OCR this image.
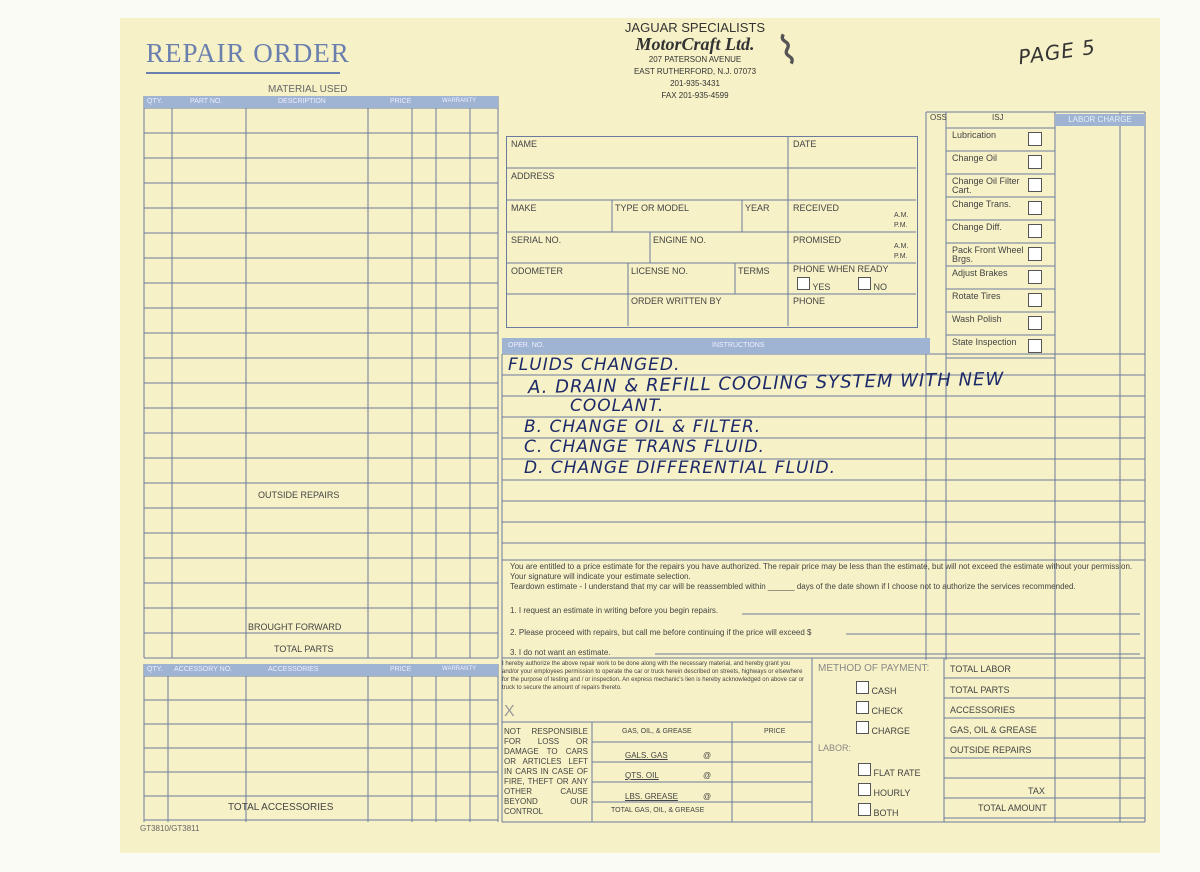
REPAIR ORDER
JAGUAR SPECIALISTS
MotorCraft Ltd.
207 PATERSON AVENUE
EAST RUTHERFORD, N.J. 07073
201-935-3431
FAX 201-935-4599
⌇	PAGE 5
MATERIAL USED
QTY.	PART NO.	DESCRIPTION	PRICE	WARRANTY
OUTSIDE REPAIRS
BROUGHT FORWARD
TOTAL PARTS
QTY. ACCESSORY NO.	ACCESSORIES	PRICE	WARRANTY
TOTAL ACCESSORIES
NAME	DATE
ADDRESS
MAKE	TYPE OR MODEL	YEAR	RECEIVED
A.M.
P.M.
SERIAL NO.	ENGINE NO.	PROMISED
A.M.
P.M.
ODOMETER	LICENSE NO.	TERMS	PHONE WHEN READY
YES	NO
ORDER WRITTEN BY	PHONE
OSS	ISJ	LABOR CHARGE
Lubrication
Change Oil
Change Oil Filter Cart.
Change Trans.
Change Diff.
Pack Front Wheel Brgs.
Adjust Brakes
Rotate Tires
Wash Polish
State Inspection
OPER. NO.	INSTRUCTIONS
FLUIDS CHANGED.
A. DRAIN & REFILL COOLING SYSTEM WITH NEW
COOLANT.
B. CHANGE OIL & FILTER.
C. CHANGE TRANS FLUID.
D. CHANGE DIFFERENTIAL FLUID.
You are entitled to a price estimate for the repairs you have authorized. The repair price may be less than the estimate, but will not exceed the estimate without your permission. Your signature will indicate your estimate selection.
Teardown estimate - I understand that my car will be reassembled within ______ days of the date shown if I choose not to authorize the services recommended.
1. I request an estimate in writing before you begin repairs.
2. Please proceed with repairs, but call me before continuing if the price will exceed $
3. I do not want an estimate.
I hereby authorize the above repair work to be done along with the necessary material, and hereby grant you and/or your employees permission to operate the car or truck herein described on streets, highways or elsewhere for the purpose of testing and / or inspection. An express mechanic's lien is hereby acknowledged on above car or truck to secure the amount of repairs thereto.
X
NOT RESPONSIBLE FOR LOSS OR DAMAGE TO CARS OR ARTICLES LEFT IN CARS IN CASE OF FIRE, THEFT OR ANY OTHER CAUSE BEYOND OUR CONTROL
GAS, OIL, & GREASE	PRICE
GALS. GAS	@
QTS. OIL	@
LBS. GREASE	@
TOTAL GAS, OIL, & GREASE
METHOD OF PAYMENT:
CASH
CHECK
CHARGE
LABOR:
FLAT RATE
HOURLY
BOTH
TOTAL LABOR
TOTAL PARTS
ACCESSORIES
GAS, OIL & GREASE
OUTSIDE REPAIRS
TAX
TOTAL AMOUNT
GT3810/GT3811
